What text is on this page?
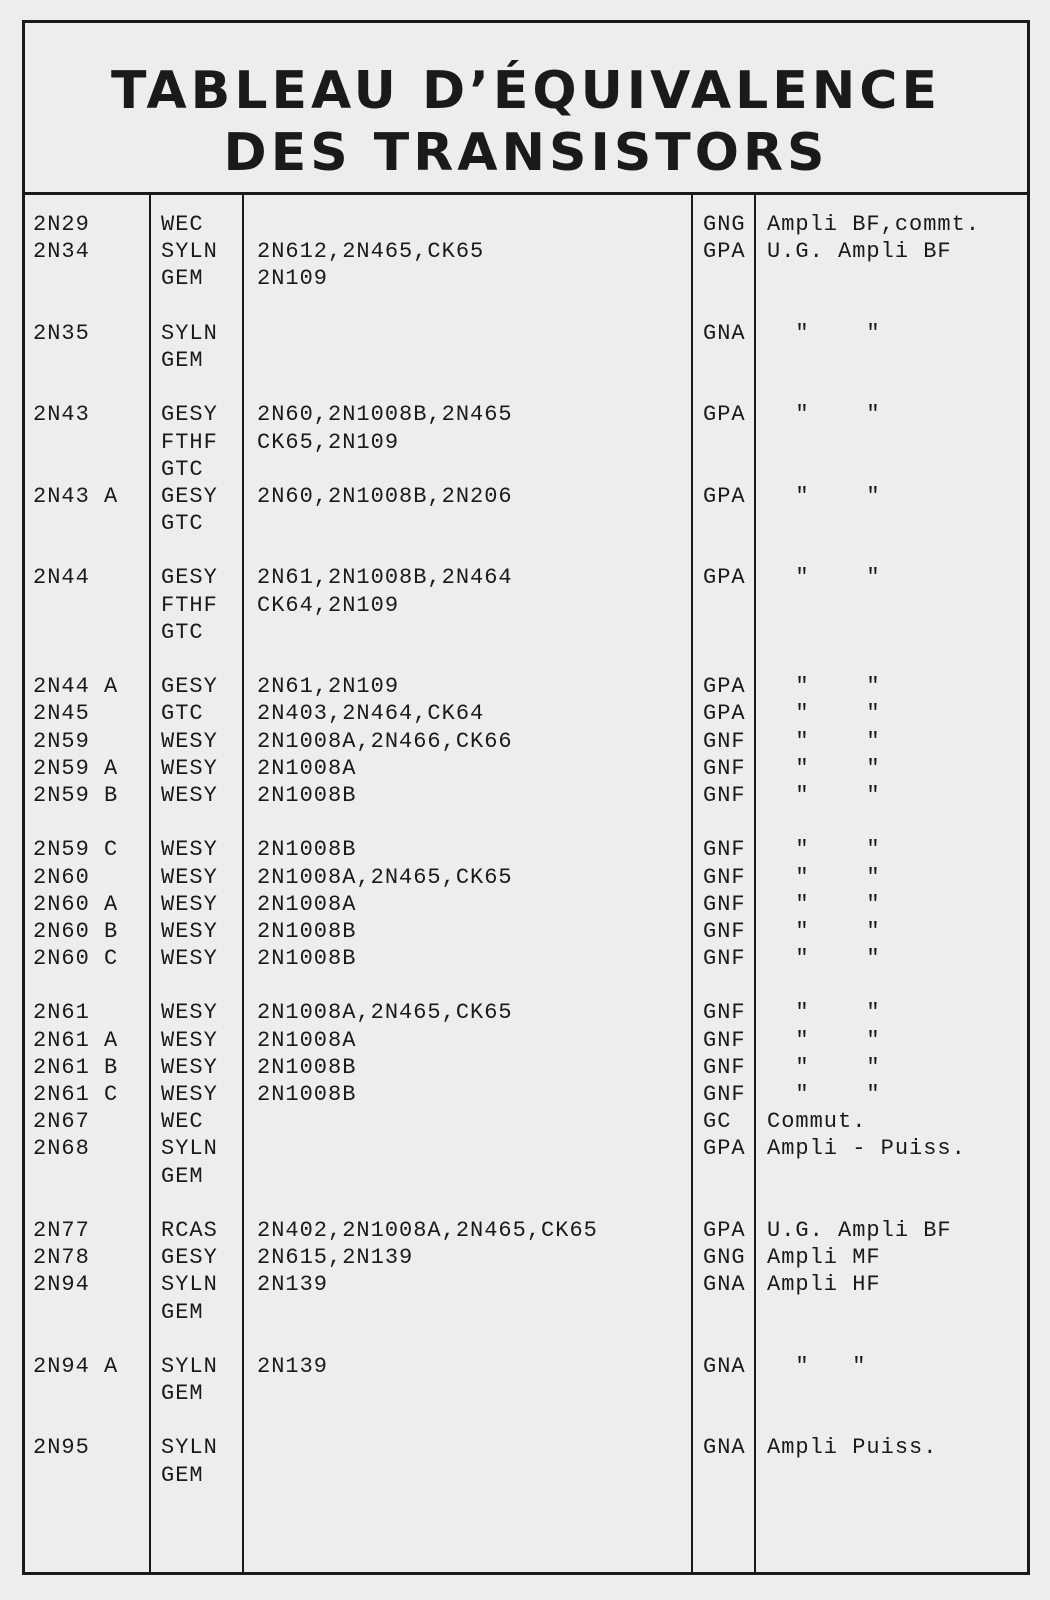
TABLEAU D’ÉQUIVALENCE
DES TRANSISTORS
2N29	WEC	GNG Ampli BF,commt.
2N34	SYLN 2N612,2N465,CK65	GPA U.G. Ampli BF
GEM 2N109
2N35	SYLN	GNA "    "
GEM
2N43	GESY 2N60,2N1008B,2N465	GPA "    "
FTHF CK65,2N109
GTC
2N43 A GESY 2N60,2N1008B,2N206	GPA "    "
GTC
2N44	GESY 2N61,2N1008B,2N464	GPA "    "
FTHF CK64,2N109
GTC
2N44 A GESY 2N61,2N109	GPA "    "
2N45	GTC 2N403,2N464,CK64	GPA "    "
2N59	WESY 2N1008A,2N466,CK66	GNF "    "
2N59 A WESY 2N1008A	GNF "    "
2N59 B WESY 2N1008B	GNF "    "
2N59 C WESY 2N1008B	GNF "    "
2N60	WESY 2N1008A,2N465,CK65	GNF "    "
2N60 A WESY 2N1008A	GNF "    "
2N60 B WESY 2N1008B	GNF "    "
2N60 C WESY 2N1008B	GNF "    "
2N61	WESY 2N1008A,2N465,CK65	GNF "    "
2N61 A WESY 2N1008A	GNF "    "
2N61 B WESY 2N1008B	GNF "    "
2N61 C WESY 2N1008B	GNF "    "
2N67	WEC	GC Commut.
2N68	SYLN	GPA Ampli - Puiss.
GEM
2N77	RCAS 2N402,2N1008A,2N465,CK65	GPA U.G. Ampli BF
2N78	GESY 2N615,2N139	GNG Ampli MF
2N94	SYLN 2N139	GNA Ampli HF
GEM
2N94 A SYLN 2N139	GNA "   "
GEM
2N95	SYLN	GNA Ampli Puiss.
GEM
